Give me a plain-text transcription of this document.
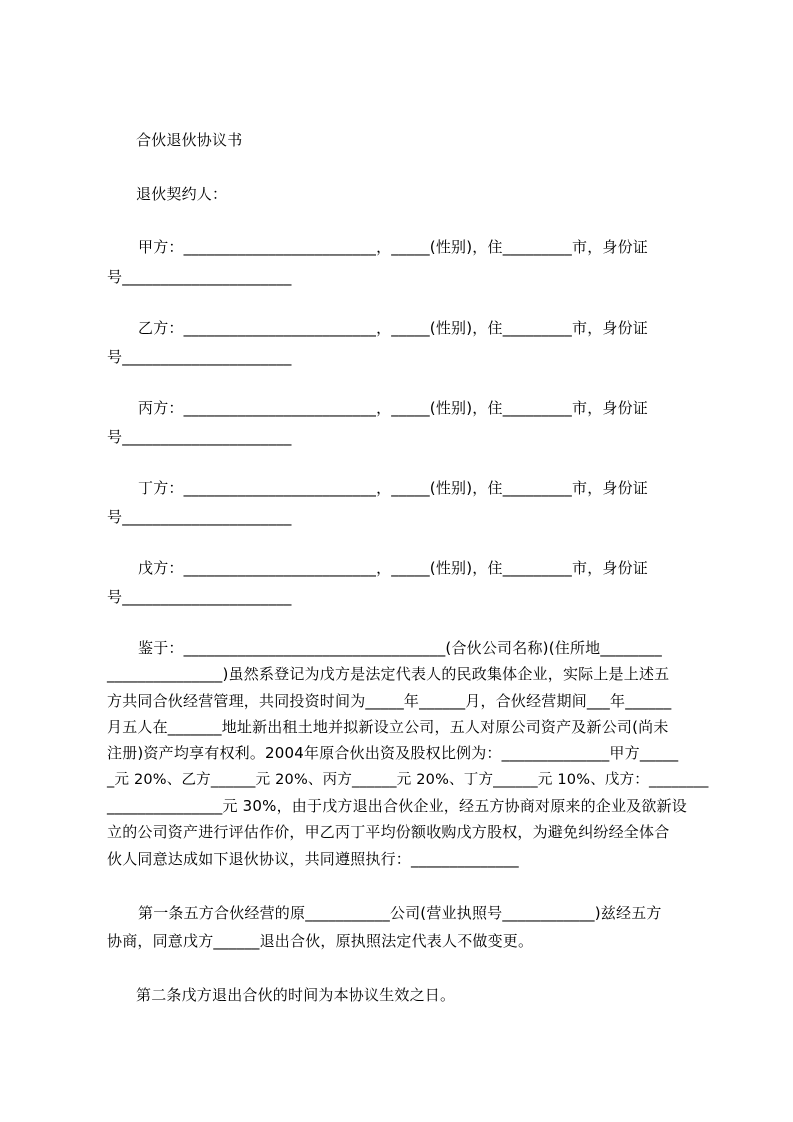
合伙退伙协议书
退伙契约人：
甲方：_________________________，_____(性别)，住_________市，身份证
号______________________
乙方：_________________________，_____(性别)，住_________市，身份证
号______________________
丙方：_________________________，_____(性别)，住_________市，身份证
号______________________
丁方：_________________________，_____(性别)，住_________市，身份证
号______________________
戊方：_________________________，_____(性别)，住_________市，身份证
号______________________
鉴于：__________________________________(合伙公司名称)(住所地________
_______________)虽然系登记为戊方是法定代表人的民政集体企业，实际上是上述五
方共同合伙经营管理，共同投资时间为_____年______月，合伙经营期间___年______
月五人在_______地址新出租土地并拟新设立公司，五人对原公司资产及新公司(尚未
注册)资产均享有权利。2004年原合伙出资及股权比例为：______________甲方_____
_元 20%、乙方______元 20%、丙方______元 20%、丁方______元 10%、戊方：________
_______________元 30%，由于戊方退出合伙企业，经五方协商对原来的企业及欲新设
立的公司资产进行评估作价，甲乙丙丁平均份额收购戊方股权，为避免纠纷经全体合
伙人同意达成如下退伙协议，共同遵照执行：______________
第一条五方合伙经营的原___________公司(营业执照号____________)兹经五方
协商，同意戊方______退出合伙，原执照法定代表人不做变更。
第二条戊方退出合伙的时间为本协议生效之日。
